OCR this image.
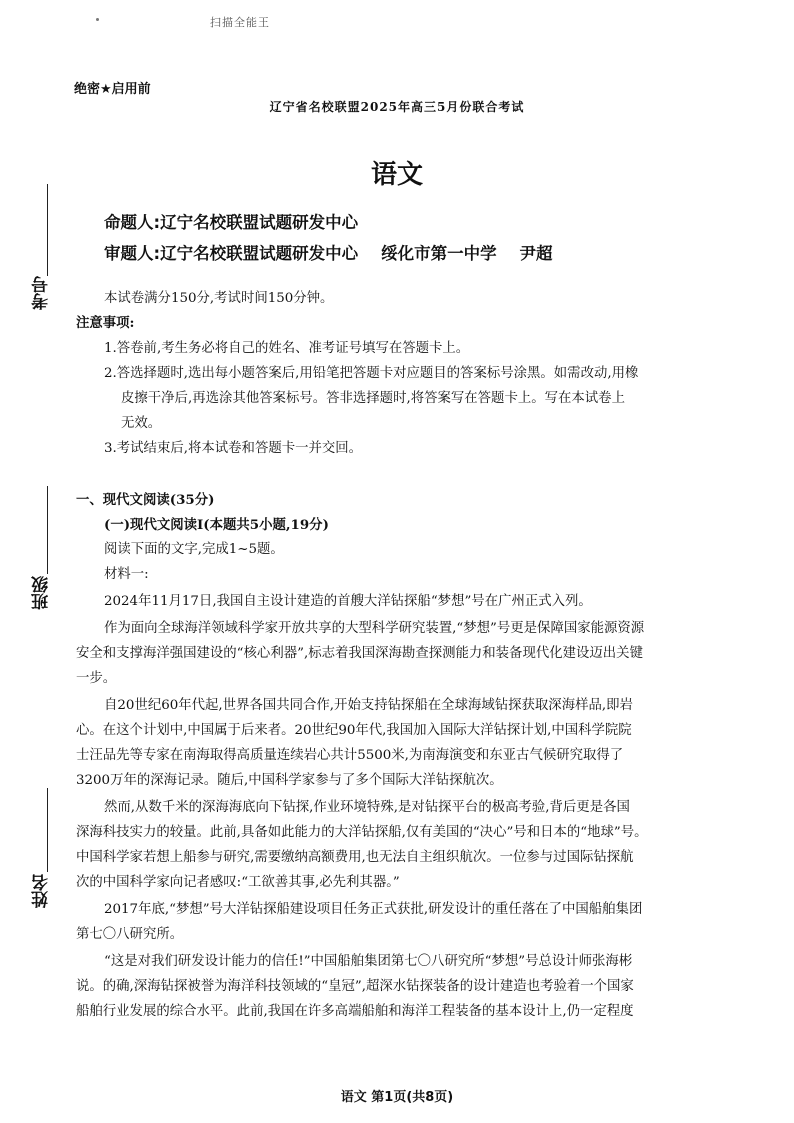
扫描全能王
绝密★启用前
辽宁省名校联盟2025年高三5月份联合考试
语文
命题人:辽宁名校联盟试题研发中心
审题人:辽宁名校联盟试题研发中心    绥化市第一中学    尹超
考号
班级
姓名
本试卷满分150分,考试时间150分钟。
注意事项:
1.答卷前,考生务必将自己的姓名、准考证号填写在答题卡上。
2.答选择题时,选出每小题答案后,用铅笔把答题卡对应题目的答案标号涂黑。如需改动,用橡
皮擦干净后,再选涂其他答案标号。答非选择题时,将答案写在答题卡上。写在本试卷上
无效。
3.考试结束后,将本试卷和答题卡一并交回。
一、现代文阅读(35分)
(一)现代文阅读Ⅰ(本题共5小题,19分)
阅读下面的文字,完成1~5题。
材料一:
2024年11月17日,我国自主设计建造的首艘大洋钻探船“梦想”号在广州正式入列。
作为面向全球海洋领域科学家开放共享的大型科学研究装置,“梦想”号更是保障国家能源资源
安全和支撑海洋强国建设的“核心利器”,标志着我国深海勘查探测能力和装备现代化建设迈出关键
一步。
自20世纪60年代起,世界各国共同合作,开始支持钻探船在全球海域钻探获取深海样品,即岩
心。在这个计划中,中国属于后来者。20世纪90年代,我国加入国际大洋钻探计划,中国科学院院
士汪品先等专家在南海取得高质量连续岩心共计5500米,为南海演变和东亚古气候研究取得了
3200万年的深海记录。随后,中国科学家参与了多个国际大洋钻探航次。
然而,从数千米的深海海底向下钻探,作业环境特殊,是对钻探平台的极高考验,背后更是各国
深海科技实力的较量。此前,具备如此能力的大洋钻探船,仅有美国的“决心”号和日本的“地球”号。
中国科学家若想上船参与研究,需要缴纳高额费用,也无法自主组织航次。一位参与过国际钻探航
次的中国科学家向记者感叹:“工欲善其事,必先利其器。”
2017年底,“梦想”号大洋钻探船建设项目任务正式获批,研发设计的重任落在了中国船舶集团
第七〇八研究所。
“这是对我们研发设计能力的信任!”中国船舶集团第七〇八研究所“梦想”号总设计师张海彬
说。的确,深海钻探被誉为海洋科技领域的“皇冠”,超深水钻探装备的设计建造也考验着一个国家
船舶行业发展的综合水平。此前,我国在许多高端船舶和海洋工程装备的基本设计上,仍一定程度
语文 第1页(共8页)
